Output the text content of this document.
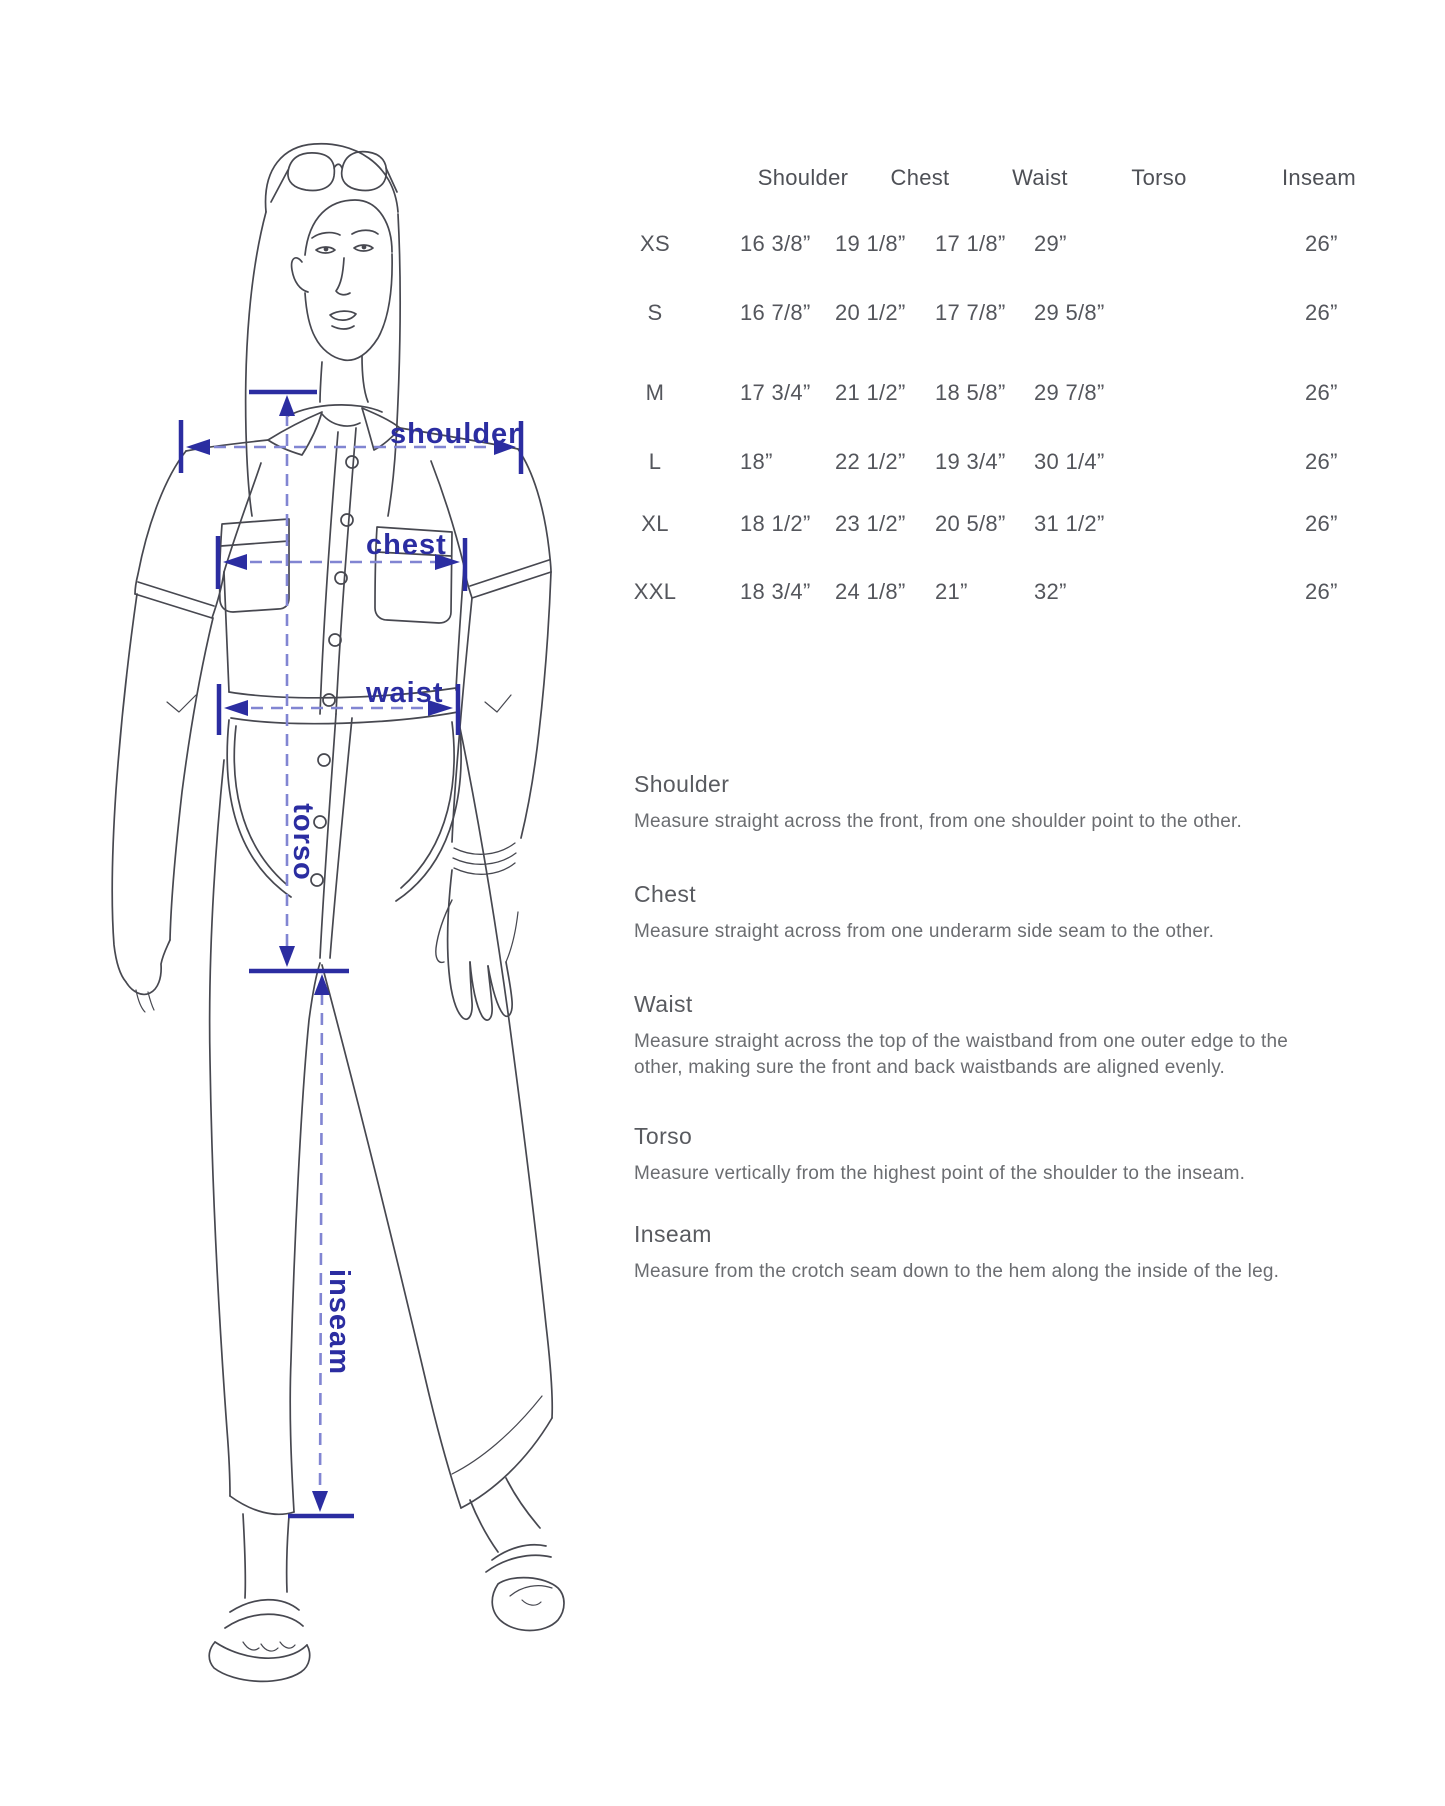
shoulder
chest
waist
torso
inseam
Shoulder	Chest	Waist	Torso	Inseam
XS	16 3/8” 19 1/8” 17 1/8” 29”	26”
S	16 7/8” 20 1/2” 17 7/8” 29 5/8”	26”
M	17 3/4” 21 1/2” 18 5/8” 29 7/8”	26”
L	18”	22 1/2” 19 3/4” 30 1/4”	26”
XL	18 1/2” 23 1/2” 20 5/8” 31 1/2”	26”
XXL	18 3/4” 24 1/8” 21”	32”	26”
Shoulder

Measure straight across the front, from one shoulder point to the other.

Chest

Measure straight across from one underarm side seam to the other.

Waist

Measure straight across the top of the waistband from one outer edge to the other, making sure the front and back waistbands are aligned evenly.

Torso

Measure vertically from the highest point of the shoulder to the inseam.

Inseam

Measure from the crotch seam down to the hem along the inside of the leg.
